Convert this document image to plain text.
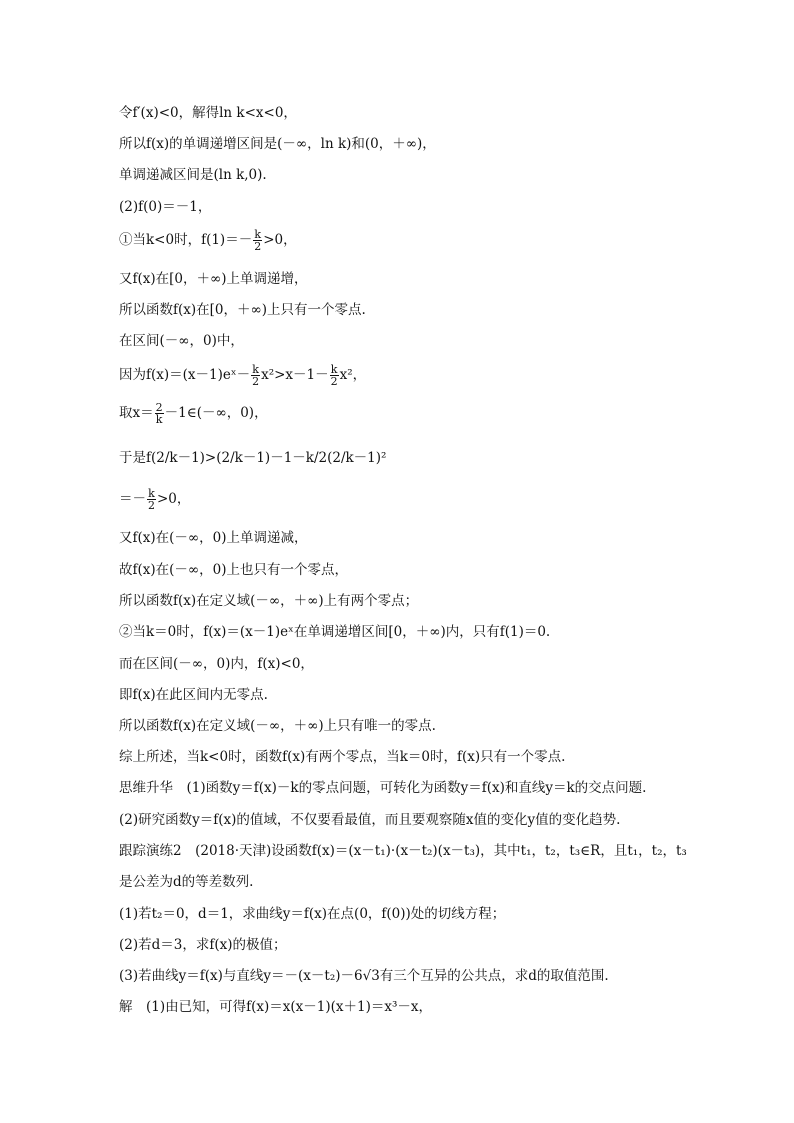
令f′(x)<0，解得ln k<x<0，
所以f(x)的单调递增区间是(－∞，ln k)和(0，＋∞)，
单调递减区间是(ln k,0).
(2)f(0)＝－1，
①当k<0时，$f(1)=- \frac{k}{2} >0$，
又f(x)在[0，＋∞)上单调递增，
所以函数f(x)在[0，＋∞)上只有一个零点.
在区间(－∞，0)中，
因为f(x)＝(x－1)eˣ－ $\frac{k}{2} x^2>x-1- \frac{k}{2} x^2$，
取$x= \frac{2}{k}$ －1∈(－∞，0)，
于是f(2/k－1)>(2/k－1)－1－k/2(2/k－1)²
＝－ $\frac{k}{2} >0$，
又f(x)在(－∞，0)上单调递减，
故f(x)在(－∞，0)上也只有一个零点，
所以函数f(x)在定义域(－∞，＋∞)上有两个零点；
②当k＝0时，f(x)＝(x－1)eˣ在单调递增区间[0，＋∞)内，只有f(1)＝0.
而在区间(－∞，0)内，f(x)<0，
即f(x)在此区间内无零点.
所以函数f(x)在定义域(－∞，＋∞)上只有唯一的零点.
综上所述，当k<0时，函数f(x)有两个零点，当k＝0时，f(x)只有一个零点.
思维升华　(1)函数y＝f(x)－k的零点问题，可转化为函数y＝f(x)和直线y＝k的交点问题.
(2)研究函数y＝f(x)的值域，不仅要看最值，而且要观察随x值的变化y值的变化趋势.
跟踪演练2　(2018·天津)设函数f(x)＝(x－t₁)·(x－t₂)(x－t₃)，其中t₁，t₂，t₃∈R，且t₁，t₂，t₃
是公差为d的等差数列.
(1)若t₂＝0，d＝1，求曲线y＝f(x)在点(0，f(0))处的切线方程；
(2)若d＝3，求f(x)的极值；
(3)若曲线y＝f(x)与直线y＝－(x－t₂)－6√3有三个互异的公共点，求d的取值范围.
解　(1)由已知，可得f(x)＝x(x－1)(x＋1)＝x³－x，
